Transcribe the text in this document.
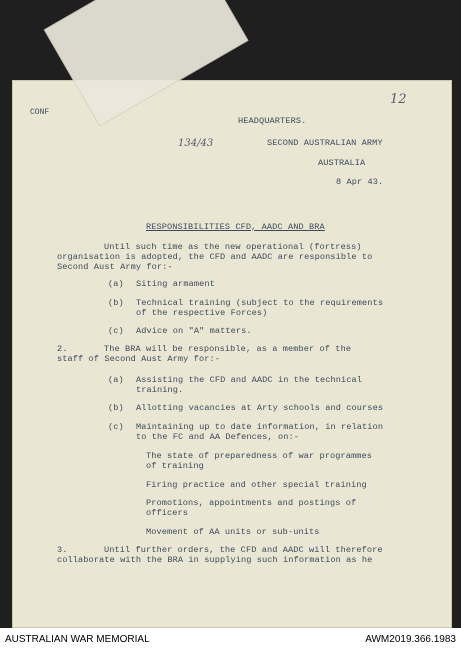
CONF
12
134/43
HEADQUARTERS.
SECOND AUSTRALIAN ARMY
AUSTRALIA
8 Apr 43.
RESPONSIBILITIES CFD, AADC AND BRA
Until such time as the new operational (fortress)
organisation is adopted, the CFD and AADC are responsible to
Second Aust Army for:-
(a) Siting armament
(b) Technical training (subject to the requirements
of the respective Forces)
(c) Advice on "A" matters.
2.	The BRA will be responsible, as a member of the
staff of Second Aust Army for:-
(a) Assisting the CFD and AADC in the technical
training.
(b) Allotting vacancies at Arty schools and courses
(c) Maintaining up to date information, in relation
to the FC and AA Defences, on:-
The state of preparedness of war programmes
of training
Firing practice and other special training
Promotions, appointments and postings of
officers
Movement of AA units or sub-units
3.	Until further orders, the CFD and AADC will therefore
collaborate with the BRA in supplying such information as he
AUSTRALIAN WAR MEMORIAL	AWM2019.366.1983
